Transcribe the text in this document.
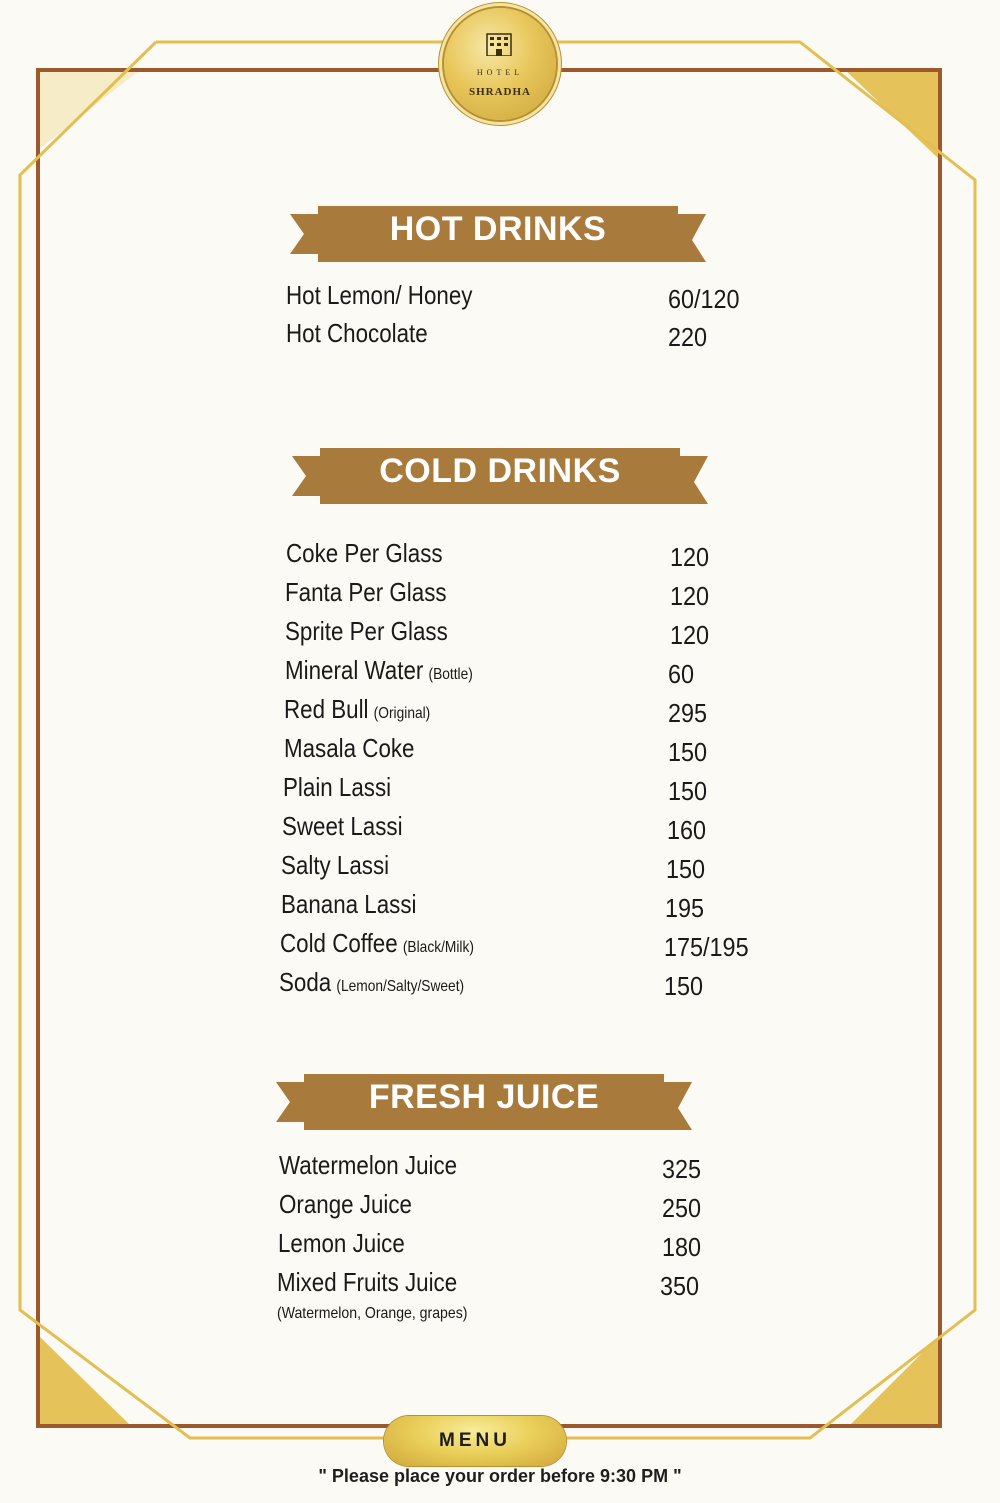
HOTEL
SHRADHA
HOT DRINKS
Hot Lemon/ Honey	60/120
Hot Chocolate	220
COLD DRINKS
Coke Per Glass	120
Fanta Per Glass	120
Sprite Per Glass	120
Mineral Water (Bottle)	60
Red Bull (Original)	295
Masala Coke	150
Plain Lassi	150
Sweet Lassi	160
Salty Lassi	150
Banana Lassi	195
Cold Coffee (Black/Milk)	175/195
Soda (Lemon/Salty/Sweet)	150
FRESH JUICE
Watermelon Juice	325
Orange Juice	250
Lemon Juice	180
Mixed Fruits Juice	350
(Watermelon, Orange, grapes)
MENU
" Please place your order before 9:30 PM "
